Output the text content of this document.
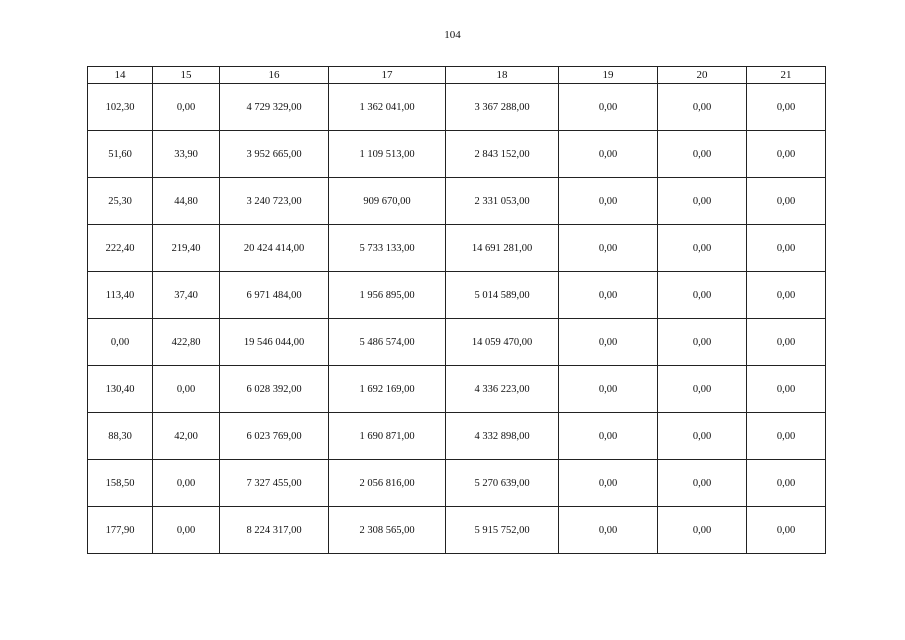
104
14	15	16	17	18	19	20	21
102,30	0,00	4 729 329,00	1 362 041,00	3 367 288,00	0,00	0,00	0,00
51,60	33,90	3 952 665,00	1 109 513,00	2 843 152,00	0,00	0,00	0,00
25,30	44,80	3 240 723,00	909 670,00	2 331 053,00	0,00	0,00	0,00
222,40	219,40	20 424 414,00	5 733 133,00	14 691 281,00	0,00	0,00	0,00
113,40	37,40	6 971 484,00	1 956 895,00	5 014 589,00	0,00	0,00	0,00
0,00	422,80	19 546 044,00	5 486 574,00	14 059 470,00	0,00	0,00	0,00
130,40	0,00	6 028 392,00	1 692 169,00	4 336 223,00	0,00	0,00	0,00
88,30	42,00	6 023 769,00	1 690 871,00	4 332 898,00	0,00	0,00	0,00
158,50	0,00	7 327 455,00	2 056 816,00	5 270 639,00	0,00	0,00	0,00
177,90	0,00	8 224 317,00	2 308 565,00	5 915 752,00	0,00	0,00	0,00
